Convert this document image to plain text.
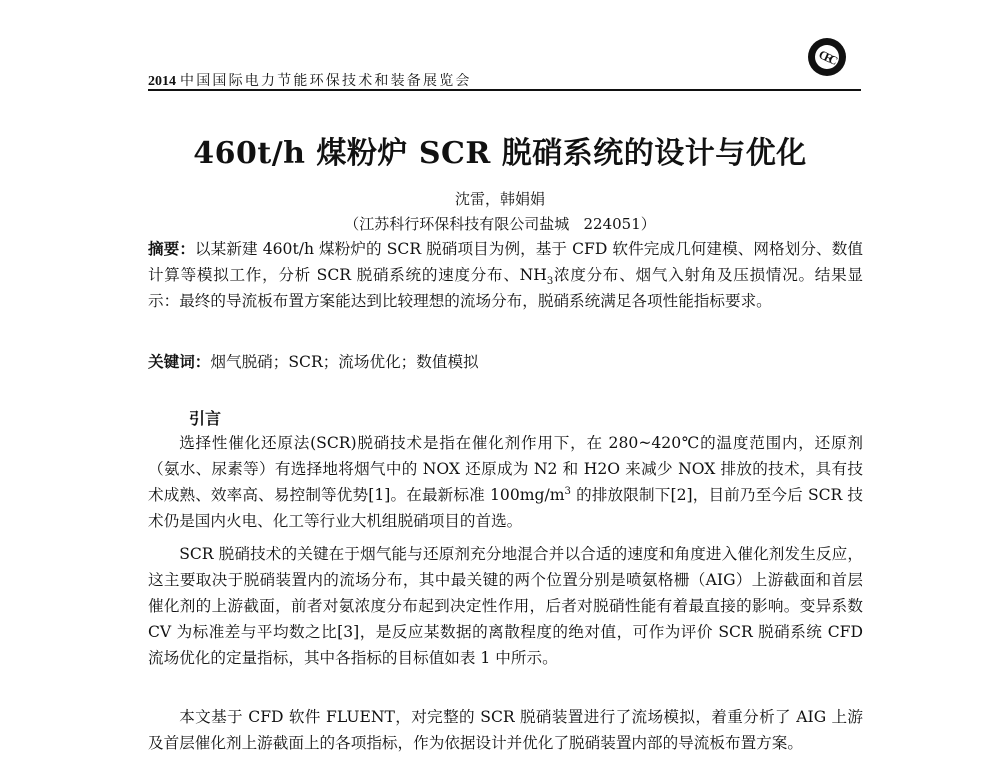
2014 中国国际电力节能环保技术和装备展览会
CEC
460t/h 煤粉炉 SCR 脱硝系统的设计与优化
沈雷，韩娟娟
（江苏科行环保科技有限公司盐城   224051）
摘要：以某新建 460t/h 煤粉炉的 SCR 脱硝项目为例，基于 CFD 软件完成几何建模、网格划分、数值计算等模拟工作，分析 SCR 脱硝系统的速度分布、$NH_3$浓度分布、烟气入射角及压损情况。结果显示：最终的导流板布置方案能达到比较理想的流场分布，脱硝系统满足各项性能指标要求。
关键词：烟气脱硝；SCR；流场优化；数值模拟
引言

选择性催化还原法(SCR)脱硝技术是指在催化剂作用下，在 280~420℃的温度范围内，还原剂（氨水、尿素等）有选择地将烟气中的 NOX 还原成为 N2 和 H2O 来减少 NOX 排放的技术，具有技术成熟、效率高、易控制等优势[1]。在最新标准 $100mg/m^3$ 的排放限制下[2]，目前乃至今后 SCR 技术仍是国内火电、化工等行业大机组脱硝项目的首选。

SCR 脱硝技术的关键在于烟气能与还原剂充分地混合并以合适的速度和角度进入催化剂发生反应，这主要取决于脱硝装置内的流场分布，其中最关键的两个位置分别是喷氨格栅（AIG）上游截面和首层催化剂的上游截面，前者对氨浓度分布起到决定性作用，后者对脱硝性能有着最直接的影响。变异系数 CV 为标准差与平均数之比[3]，是反应某数据的离散程度的绝对值，可作为评价 SCR 脱硝系统 CFD 流场优化的定量指标，其中各指标的目标值如表 1 中所示。

本文基于 CFD 软件 FLUENT，对完整的 SCR 脱硝装置进行了流场模拟，着重分析了 AIG 上游及首层催化剂上游截面上的各项指标，作为依据设计并优化了脱硝装置内部的导流板布置方案。
